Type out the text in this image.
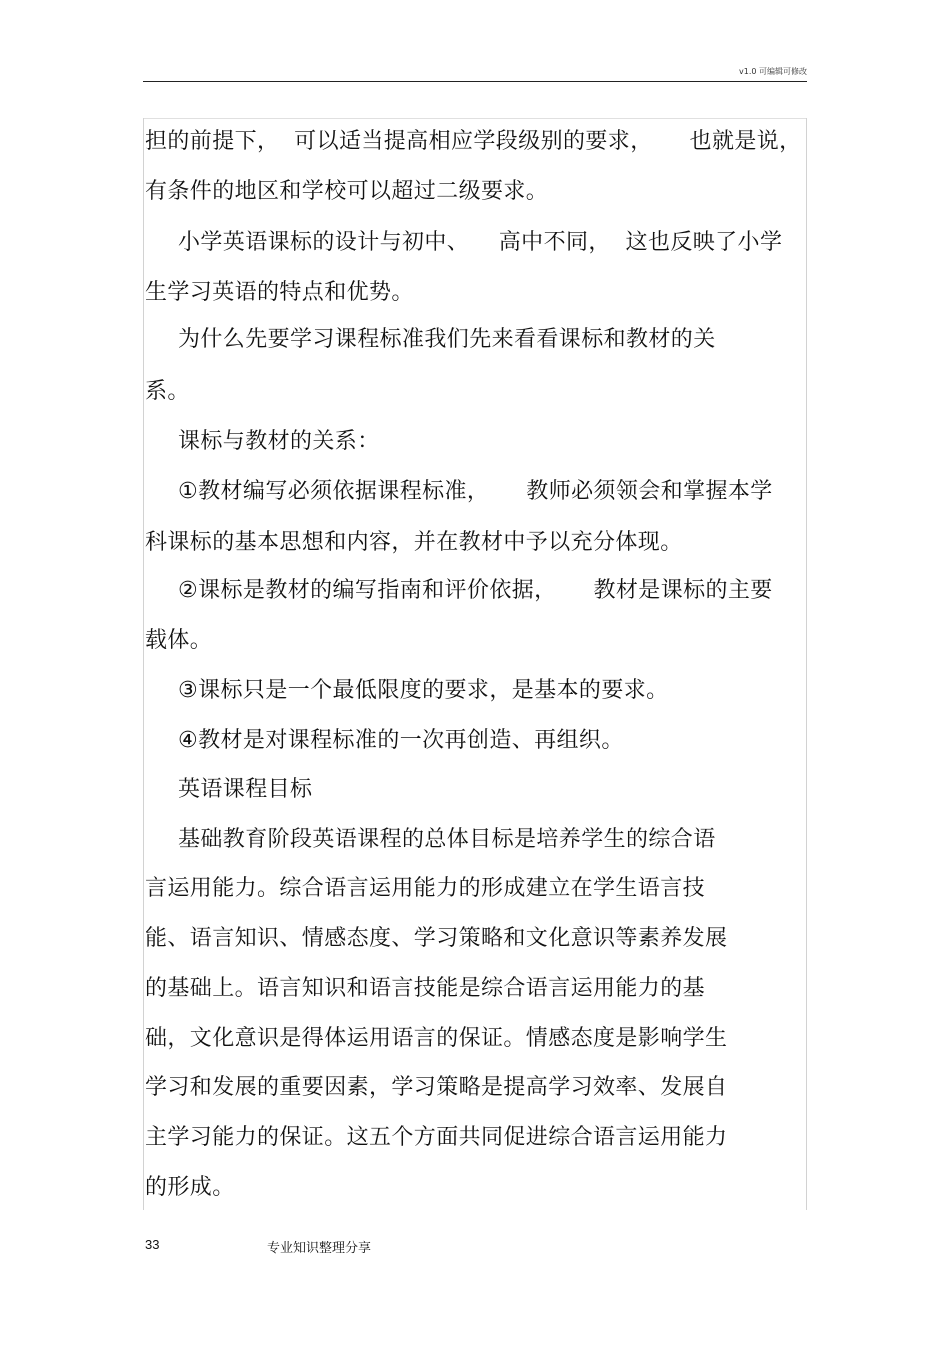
v1.0 可编辑可修改
担的前提下，  可以适当提高相应学段级别的要求，     也就是说，
有条件的地区和学校可以超过二级要求。
小学英语课标的设计与初中、    高中不同，  这也反映了小学
生学习英语的特点和优势。
为什么先要学习课程标准我们先来看看课标和教材的关
系。
课标与教材的关系：
①教材编写必须依据课程标准，     教师必须领会和掌握本学
科课标的基本思想和内容，并在教材中予以充分体现。
②课标是教材的编写指南和评价依据，     教材是课标的主要
载体。
③课标只是一个最低限度的要求，是基本的要求。
④教材是对课程标准的一次再创造、再组织。
英语课程目标
基础教育阶段英语课程的总体目标是培养学生的综合语
言运用能力。综合语言运用能力的形成建立在学生语言技
能、语言知识、情感态度、学习策略和文化意识等素养发展
的基础上。语言知识和语言技能是综合语言运用能力的基
础，文化意识是得体运用语言的保证。情感态度是影响学生
学习和发展的重要因素，学习策略是提高学习效率、发展自
主学习能力的保证。这五个方面共同促进综合语言运用能力
的形成。
33	专业知识整理分享
